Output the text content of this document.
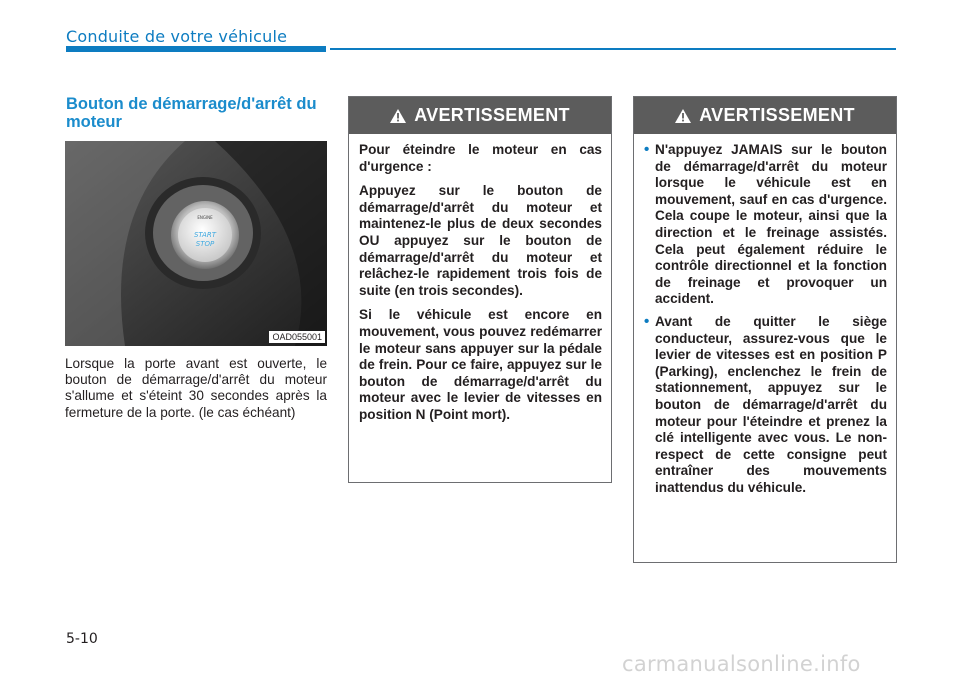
Conduite de votre véhicule
Bouton de démarrage/d'arrêt du moteur
ENGINE
START
STOP
OAD055001
Lorsque la porte avant est ouverte, le bouton de démarrage/d'arrêt du moteur s'allume et s'éteint 30 secondes après la fermeture de la porte. (le cas échéant)
AVERTISSEMENT

Pour éteindre le moteur en cas d'urgence :

Appuyez sur le bouton de démarrage/d'arrêt du moteur et maintenez-le plus de deux secondes OU appuyez sur le bouton de démarrage/d'arrêt du moteur et relâchez-le rapidement trois fois de suite (en trois secondes).

Si le véhicule est encore en mouvement, vous pouvez redémarrer le moteur sans appuyer sur la pédale de frein. Pour ce faire, appuyez sur le bouton de démarrage/d'arrêt du moteur avec le levier de vitesses en position N (Point mort).

AVERTISSEMENT
• N'appuyez JAMAIS sur le bouton de démarrage/d'arrêt du moteur lorsque le véhicule est en mouvement, sauf en cas d'urgence. Cela coupe le moteur, ainsi que la direction et le freinage assistés. Cela peut également réduire le contrôle directionnel et la fonction de freinage et provoquer un accident.
• Avant de quitter le siège conducteur, assurez-vous que le levier de vitesses est en position P (Parking), enclenchez le frein de stationnement, appuyez sur le bouton de démarrage/d'arrêt du moteur pour l'éteindre et prenez la clé intelligente avec vous. Le non-respect de cette consigne peut entraîner des mouvements inattendus du véhicule.
5-10
carmanualsonline.info
